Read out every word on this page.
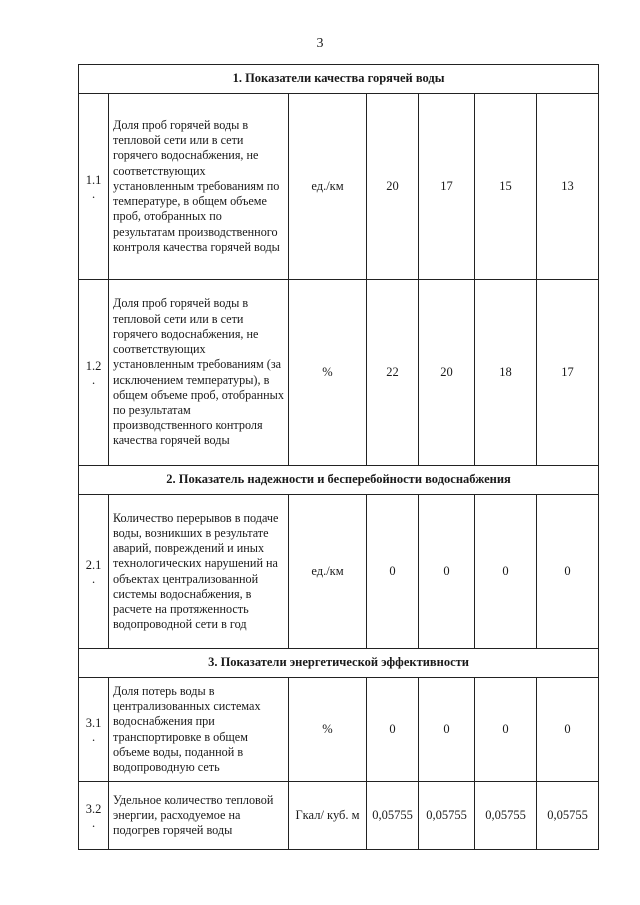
3
1. Показатели качества горячей воды						
1.1
.	Доля проб горячей воды в тепловой сети или в сети горячего водоснабжения, не соответствующих установленным требованиям по температуре, в общем объеме проб, отобранных по результатам производственного контроля качества горячей воды	ед./км	20	17	15	13
1.2
.	Доля проб горячей воды в тепловой сети или в сети горячего водоснабжения, не соответствующих установленным требованиям (за исключением температуры), в общем объеме проб, отобранных по результатам производственного контроля качества горячей воды	%	22	20	18	17
2. Показатель надежности и бесперебойности водоснабжения						
2.1
.	Количество перерывов в подаче воды, возникших в результате аварий, повреждений и иных технологических нарушений на объектах централизованной системы водоснабжения, в расчете на протяженность водопроводной сети в год	ед./км	0	0	0	0
3. Показатели энергетической эффективности						
3.1
.	Доля потерь воды в централизованных системах водоснабжения при транспортировке в общем объеме воды, поданной в водопроводную сеть	%	0	0	0	0
3.2
.	Удельное количество тепловой энергии, расходуемое на подогрев горячей воды	Гкал/ куб. м	0,05755	0,05755	0,05755	0,05755
